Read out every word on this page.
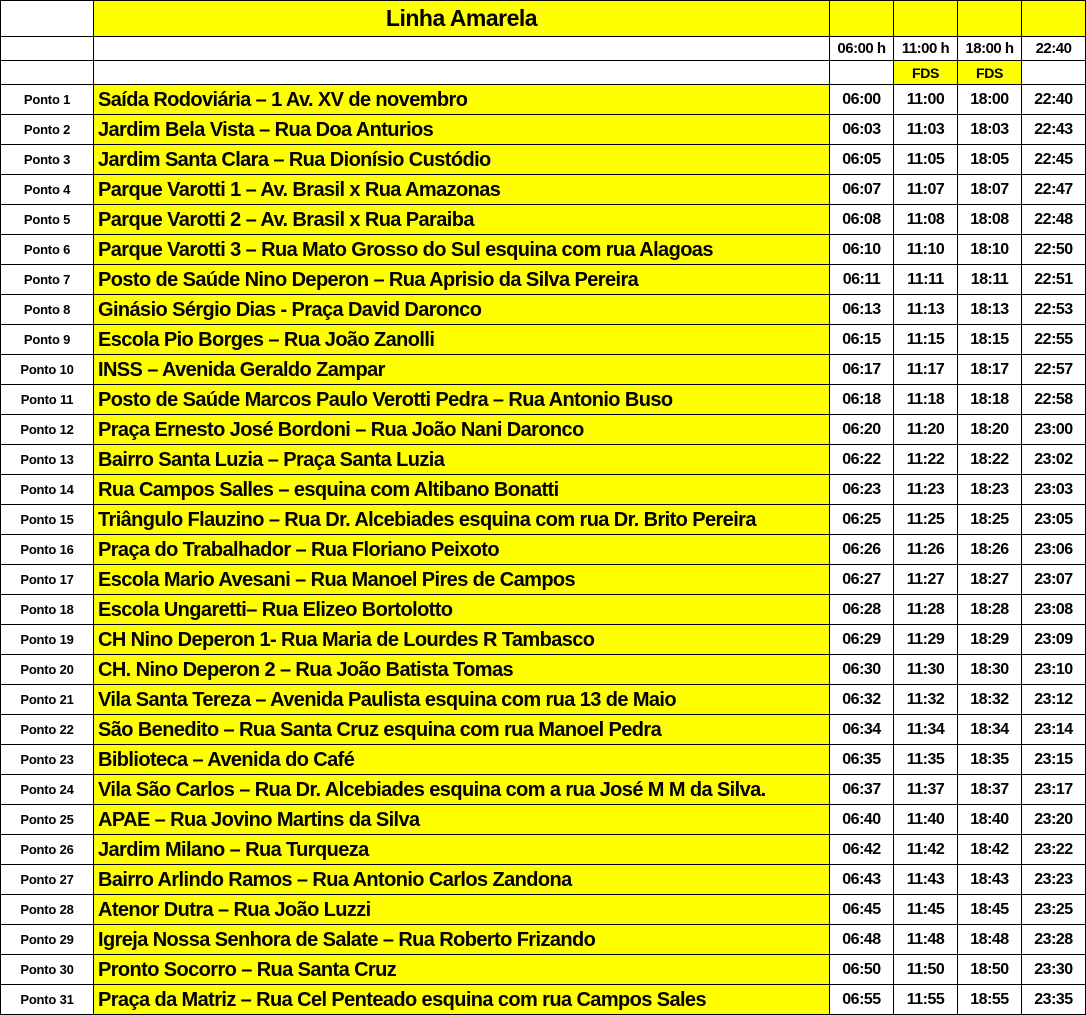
	Linha Amarela				
		06:00 h	11:00 h	18:00 h	22:40
			FDS	FDS	
Ponto 1	Saída Rodoviária – 1 Av. XV de novembro	06:00	11:00	18:00	22:40
Ponto 2	Jardim Bela Vista – Rua Doa Anturios	06:03	11:03	18:03	22:43
Ponto 3	Jardim Santa Clara – Rua Dionísio Custódio	06:05	11:05	18:05	22:45
Ponto 4	Parque Varotti 1 – Av. Brasil x Rua Amazonas	06:07	11:07	18:07	22:47
Ponto 5	Parque Varotti 2 – Av. Brasil x Rua Paraiba	06:08	11:08	18:08	22:48
Ponto 6	Parque Varotti 3 – Rua Mato Grosso do Sul esquina com rua Alagoas	06:10	11:10	18:10	22:50
Ponto 7	Posto de Saúde Nino Deperon – Rua Aprisio da Silva Pereira	06:11	11:11	18:11	22:51
Ponto 8	Ginásio Sérgio Dias - Praça David Daronco	06:13	11:13	18:13	22:53
Ponto 9	Escola Pio Borges – Rua João Zanolli	06:15	11:15	18:15	22:55
Ponto 10	INSS – Avenida Geraldo Zampar	06:17	11:17	18:17	22:57
Ponto 11	Posto de Saúde Marcos Paulo Verotti Pedra – Rua Antonio Buso	06:18	11:18	18:18	22:58
Ponto 12	Praça Ernesto José Bordoni – Rua João Nani Daronco	06:20	11:20	18:20	23:00
Ponto 13	Bairro Santa Luzia – Praça Santa Luzia	06:22	11:22	18:22	23:02
Ponto 14	Rua Campos Salles – esquina com Altibano Bonatti	06:23	11:23	18:23	23:03
Ponto 15	Triângulo Flauzino – Rua Dr. Alcebiades esquina com rua Dr. Brito Pereira	06:25	11:25	18:25	23:05
Ponto 16	Praça do Trabalhador – Rua Floriano Peixoto	06:26	11:26	18:26	23:06
Ponto 17	Escola Mario Avesani – Rua Manoel Pires de Campos	06:27	11:27	18:27	23:07
Ponto 18	Escola Ungaretti– Rua Elizeo Bortolotto	06:28	11:28	18:28	23:08
Ponto 19	CH Nino Deperon 1- Rua Maria de Lourdes R Tambasco	06:29	11:29	18:29	23:09
Ponto 20	CH. Nino Deperon 2 – Rua João Batista Tomas	06:30	11:30	18:30	23:10
Ponto 21	Vila Santa Tereza – Avenida Paulista esquina com rua 13 de Maio	06:32	11:32	18:32	23:12
Ponto 22	São Benedito – Rua Santa Cruz esquina com rua Manoel Pedra	06:34	11:34	18:34	23:14
Ponto 23	Biblioteca – Avenida do Café	06:35	11:35	18:35	23:15
Ponto 24	Vila São Carlos – Rua Dr. Alcebiades esquina com a rua José M M da Silva.	06:37	11:37	18:37	23:17
Ponto 25	APAE – Rua Jovino Martins da Silva	06:40	11:40	18:40	23:20
Ponto 26	Jardim Milano – Rua Turqueza	06:42	11:42	18:42	23:22
Ponto 27	Bairro Arlindo Ramos – Rua Antonio Carlos Zandona	06:43	11:43	18:43	23:23
Ponto 28	Atenor Dutra – Rua João Luzzi	06:45	11:45	18:45	23:25
Ponto 29	Igreja Nossa Senhora de Salate – Rua Roberto Frizando	06:48	11:48	18:48	23:28
Ponto 30	Pronto Socorro – Rua Santa Cruz	06:50	11:50	18:50	23:30
Ponto 31	Praça da Matriz – Rua Cel Penteado esquina com rua Campos Sales	06:55	11:55	18:55	23:35
